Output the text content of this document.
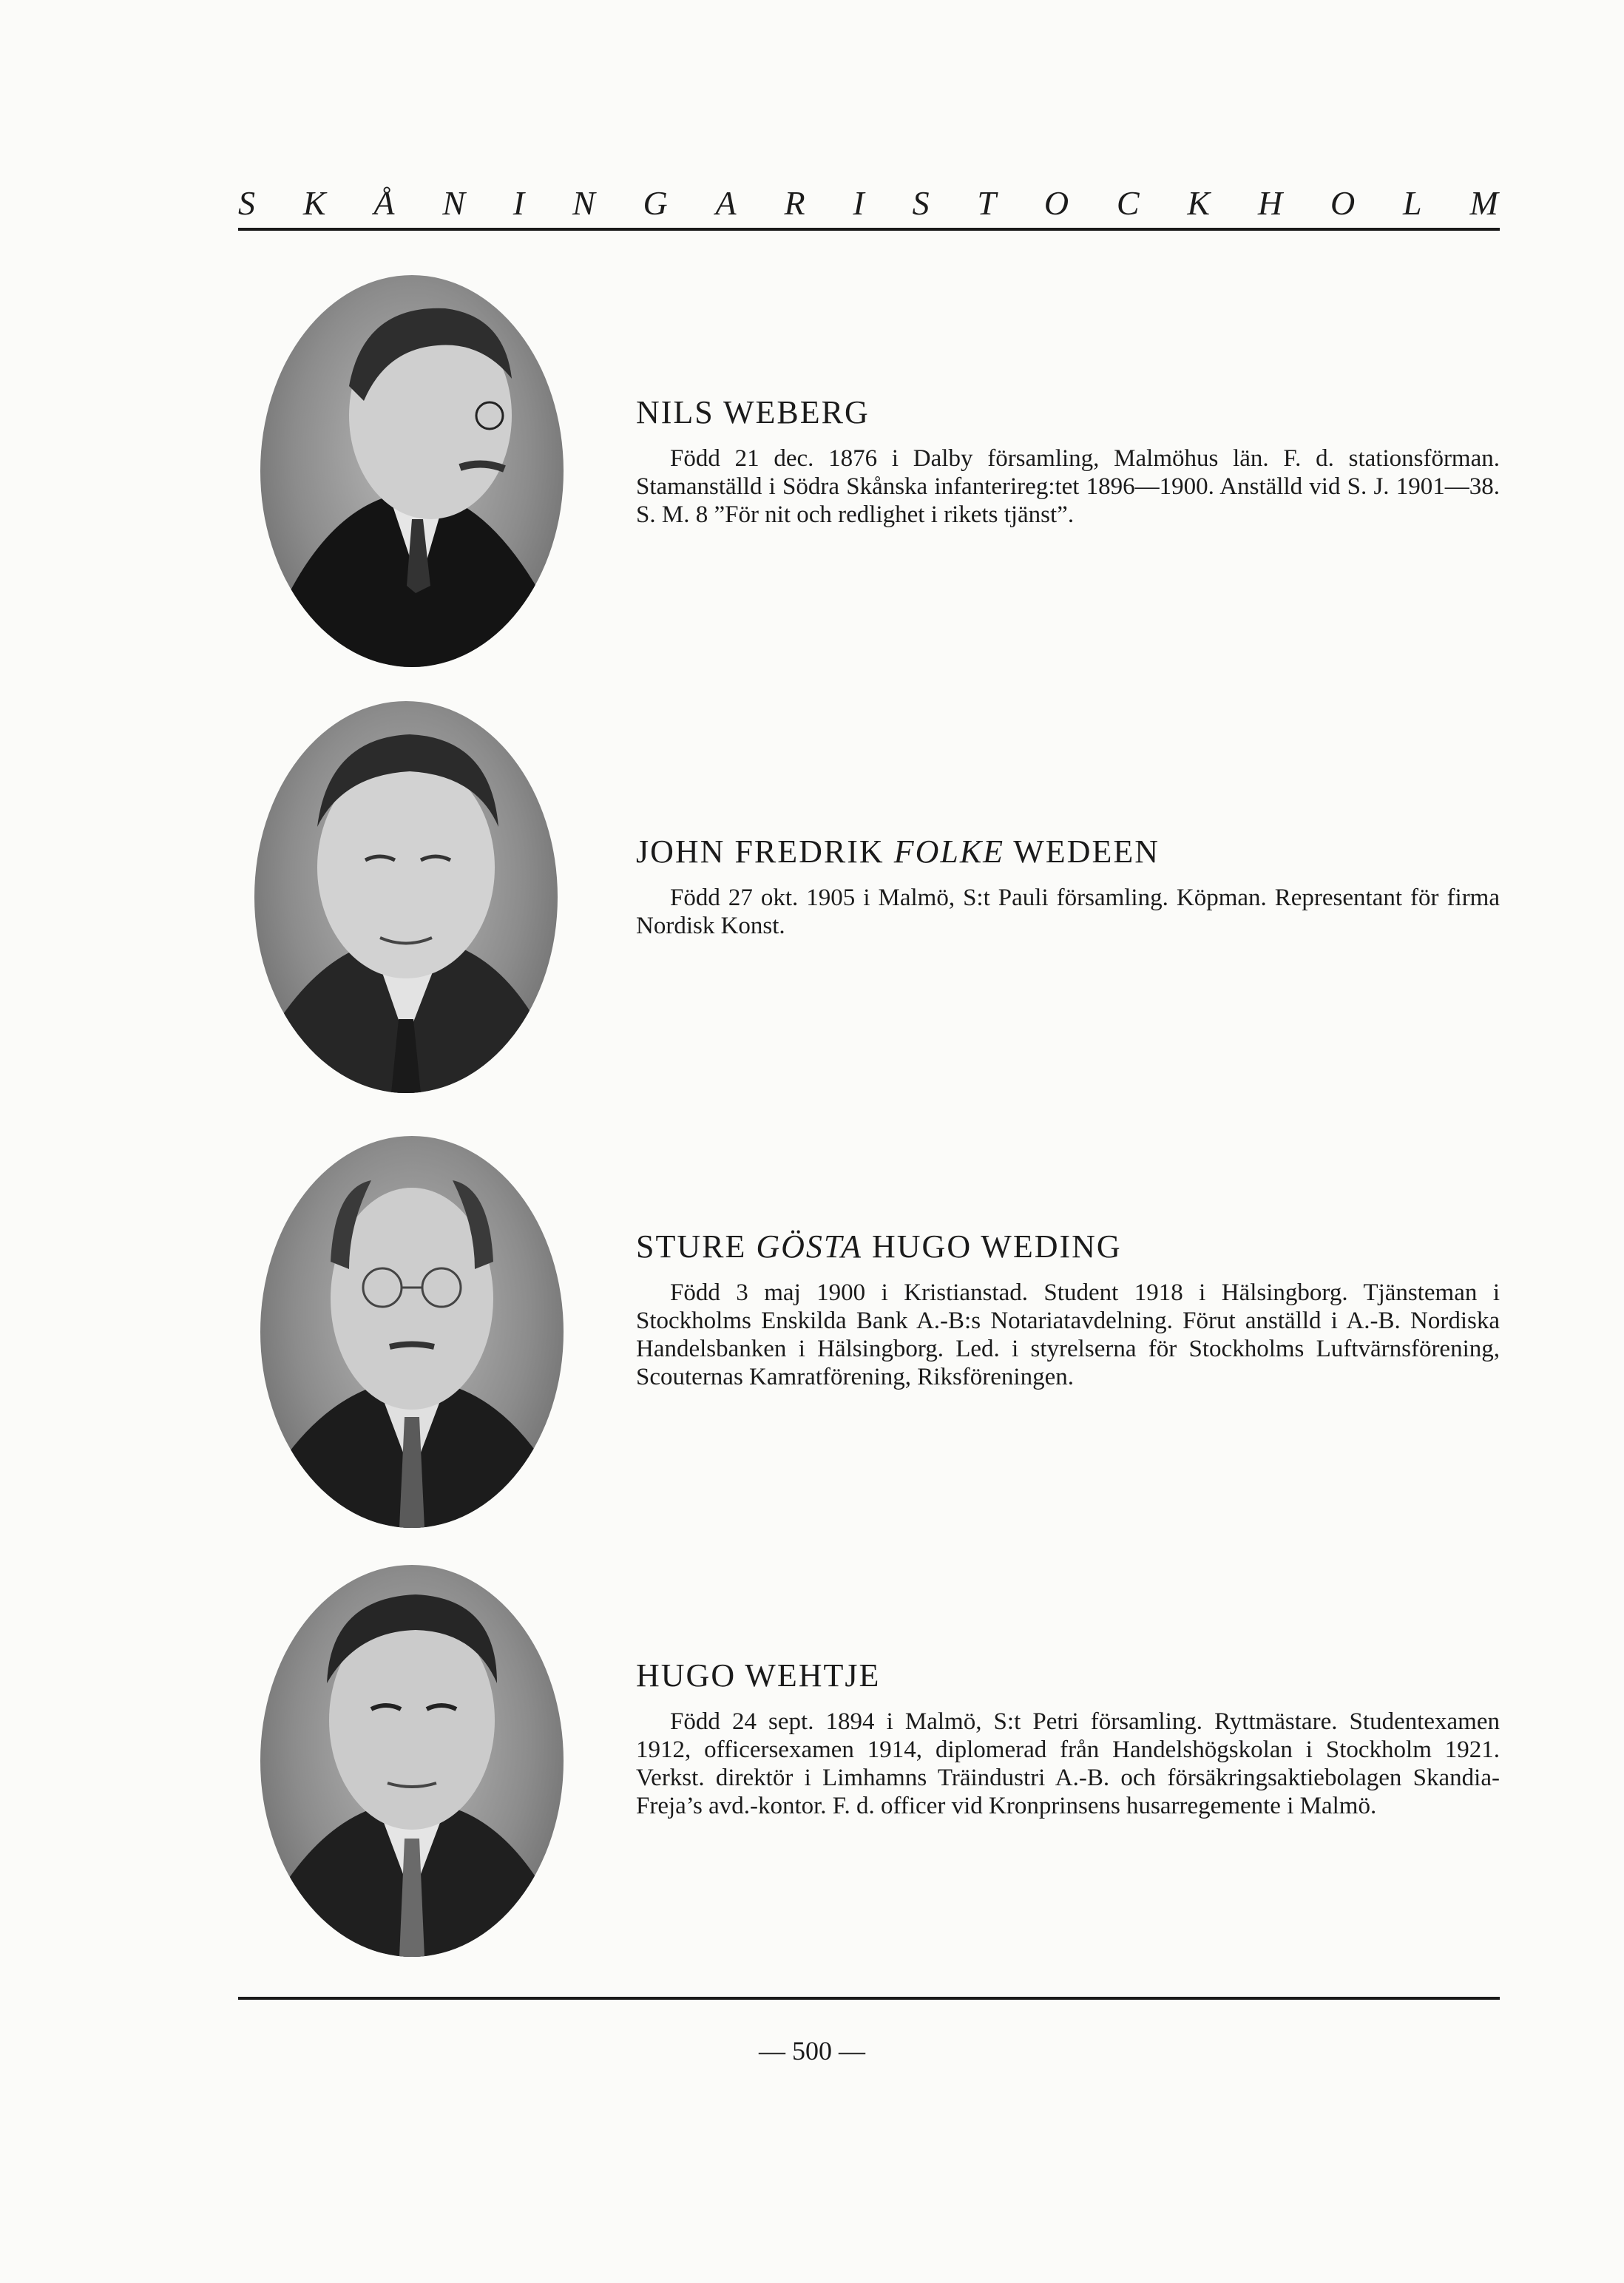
S K Å N I N G A R I S T O C K H O L M
NILS WEBERG

Född 21 dec. 1876 i Dalby församling, Malmöhus län. F. d. stationsförman. Stamanställd i Södra Skånska infanterireg:tet 1896—1900. Anställd vid S. J. 1901—38. S. M. 8 ”För nit och redlighet i rikets tjänst”.

JOHN FREDRIK FOLKE WEDEEN

Född 27 okt. 1905 i Malmö, S:t Pauli församling. Köpman. Representant för firma Nordisk Konst.

STURE GÖSTA HUGO WEDING

Född 3 maj 1900 i Kristianstad. Student 1918 i Hälsingborg. Tjänsteman i Stockholms Enskilda Bank A.-B:s Notariatavdelning. Förut anställd i A.-B. Nordiska Handelsbanken i Hälsingborg. Led. i styrelserna för Stockholms Luftvärnsförening, Scouternas Kamratförening, Riksföreningen.

HUGO WEHTJE

Född 24 sept. 1894 i Malmö, S:t Petri församling. Ryttmästare. Studentexamen 1912, officersexamen 1914, diplomerad från Handelshögskolan i Stockholm 1921. Verkst. direktör i Limhamns Träindustri A.-B. och försäkringsaktiebolagen Skandia-Freja’s avd.-kontor. F. d. officer vid Kronprinsens husarregemente i Malmö.

— 500 —
